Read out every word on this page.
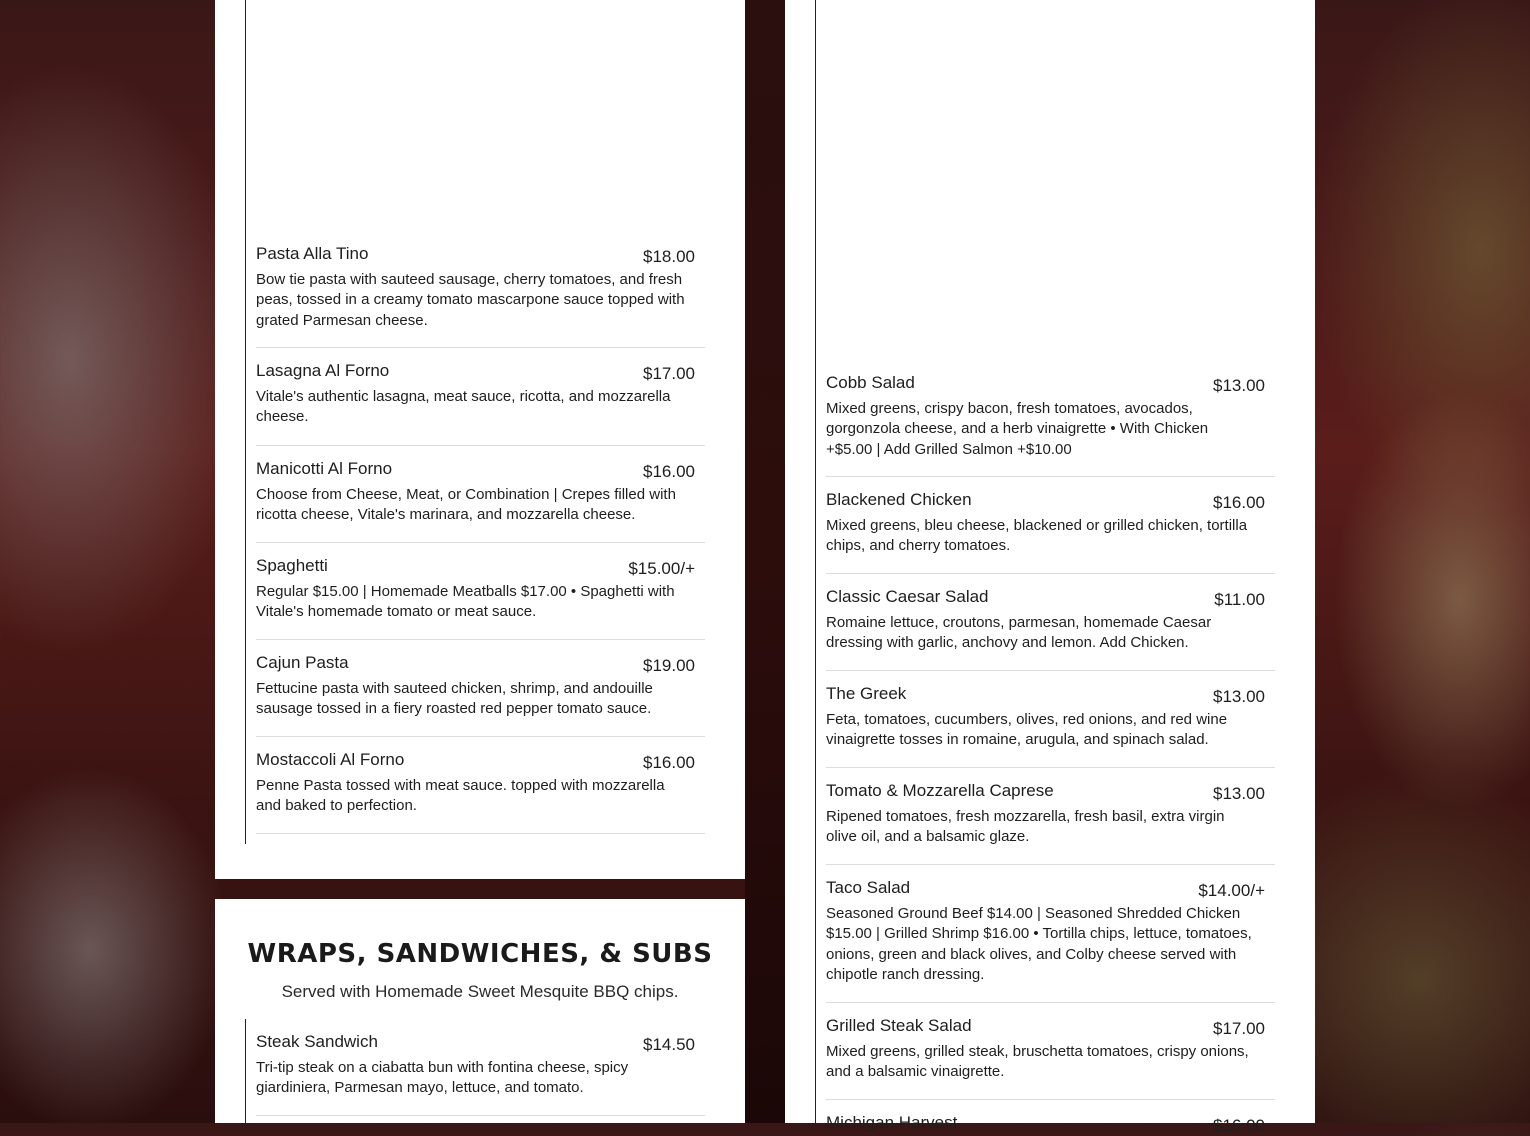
Pasta Alla Tino	$18.00
Bow tie pasta with sauteed sausage, cherry tomatoes, and fresh peas, tossed in a creamy tomato mascarpone sauce topped with grated Parmesan cheese.
Lasagna Al Forno	$17.00
Vitale's authentic lasagna, meat sauce, ricotta, and mozzarella cheese.
Manicotti Al Forno	$16.00
Choose from Cheese, Meat, or Combination | Crepes filled with ricotta cheese, Vitale's marinara, and mozzarella cheese.
Spaghetti	$15.00/+
Regular $15.00 | Homemade Meatballs $17.00 • Spaghetti with Vitale's homemade tomato or meat sauce.
Cajun Pasta	$19.00
Fettucine pasta with sauteed chicken, shrimp, and andouille sausage tossed in a fiery roasted red pepper tomato sauce.
Mostaccoli Al Forno	$16.00
Penne Pasta tossed with meat sauce. topped with mozzarella and baked to perfection.
WRAPS, SANDWICHES, & SUBS
Served with Homemade Sweet Mesquite BBQ chips.
Steak Sandwich	$14.50
Tri-tip steak on a ciabatta bun with fontina cheese, spicy giardiniera, Parmesan mayo, lettuce, and tomato.
Cobb Salad	$13.00
Mixed greens, crispy bacon, fresh tomatoes, avocados, gorgonzola cheese, and a herb vinaigrette • With Chicken +$5.00 | Add Grilled Salmon +$10.00
Blackened Chicken	$16.00
Mixed greens, bleu cheese, blackened or grilled chicken, tortilla chips, and cherry tomatoes.
Classic Caesar Salad	$11.00
Romaine lettuce, croutons, parmesan, homemade Caesar dressing with garlic, anchovy and lemon. Add Chicken.
The Greek	$13.00
Feta, tomatoes, cucumbers, olives, red onions, and red wine vinaigrette tosses in romaine, arugula, and spinach salad.
Tomato & Mozzarella Caprese	$13.00
Ripened tomatoes, fresh mozzarella, fresh basil, extra virgin olive oil, and a balsamic glaze.
Taco Salad	$14.00/+
Seasoned Ground Beef $14.00 | Seasoned Shredded Chicken $15.00 | Grilled Shrimp $16.00 • Tortilla chips, lettuce, tomatoes, onions, green and black olives, and Colby cheese served with chipotle ranch dressing.
Grilled Steak Salad	$17.00
Mixed greens, grilled steak, bruschetta tomatoes, crispy onions, and a balsamic vinaigrette.
Michigan Harvest	$16.00
